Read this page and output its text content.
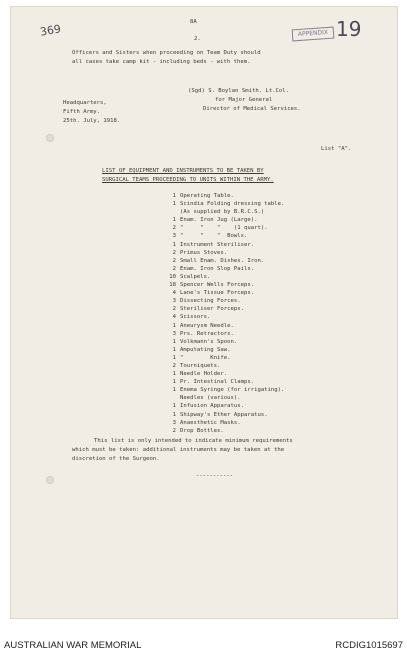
369
8A
2.
APPENDIX 19
Officers and Sisters when proceeding on Team Duty should
all cases take camp kit - including beds - with them.
(Sgd) S. Boylan Smith. Lt.Col.
for Major General
Director of Medical Services.
Headquarters,
Fifth Army.
25th. July, 1918.
List "A".
LIST OF EQUIPMENT AND INSTRUMENTS TO BE TAKEN BY
SURGICAL TEAMS PROCEEDING TO UNITS WITHIN THE ARMY.
1 Operating Table.
1 Scindia Folding dressing table.
(As supplied by B.R.C.S.)
1 Enam. Iron Jug (Large).
2 "     "    "    (1 quart).
3 "     "    "  Bowls.
1 Instrument Steriliser.
2 Primus Stoves.
2 Small Enam. Dishes. Iron.
2 Enam. Iron Slop Pails.
10 Scalpels.
18 Spencer Wells Forceps.
4 Lane's Tissue Forceps.
3 Dissecting Forces.
2 Steriliser Forceps.
4 Scissors.
1 Aneurysm Needle.
3 Prs. Retractors.
1 Volkmann's Spoon.
1 Amputating Saw.
1 "        Knife.
2 Tourniquets.
1 Needle Holder.
1 Pr. Intestinal Clamps.
1 Enema Syringe (for irrigating).
Needles (various).
1 Infusion Apparatus.
1 Shipway's Ether Apparatus.
3 Anaesthetic Masks.
2 Drop Bottles.
This list is only intended to indicate minimum requirements
which must be taken: additional instruments may be taken at the
discretion of the Surgeon.
-----------
AUSTRALIAN WAR MEMORIAL	RCDIG1015697
